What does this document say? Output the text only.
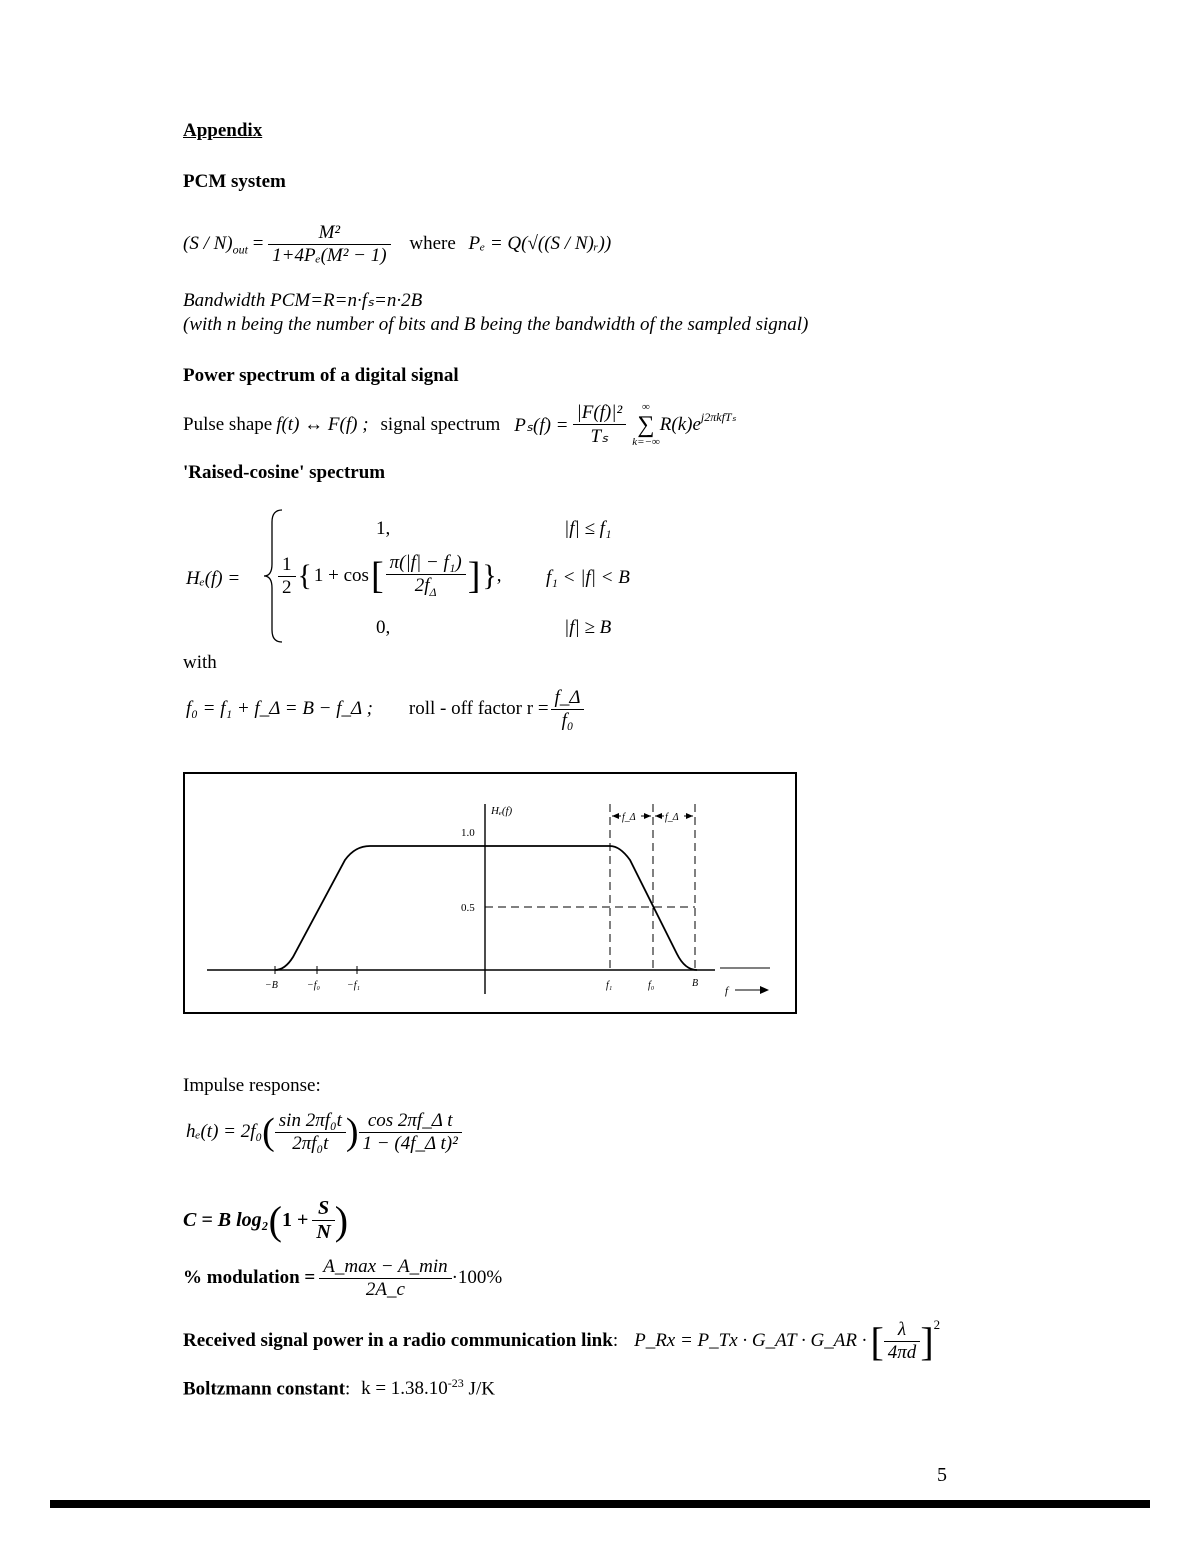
Appendix
PCM system
$(S / N)_{out} = \frac{\text{M²}}{\text{1+4Pₑ(M² − 1)}}$ where Pₑ = Q(√((S / N)ᵣ))
Bandwidth PCM=R=n·fₛ=n·2B
(with n being the number of bits and B being the bandwidth of the sampled signal)
Power spectrum of a digital signal
Pulse shape f(t) ↔ F(f) ; signal spectrum $P_s(f) = \frac{\text{|F(f)|²}}{\text{Tₛ}}$ ∞
∑
k=−∞
$R(k)e^{j2\pi kfT_s}$
'Raised-cosine' spectrum
Hₑ(f) =
1,	|f| ≤ f₁
$\frac{1}{2}$ { 1 + cos [ $\frac{\text{π(|f| − f₁)}}{2f_\Delta}$ ] } , f₁ < |f| < B
0,	|f| ≥ B
with
f₀ = f₁ + f_Δ = B − f_Δ ; roll - off factor $r = \frac{f\_\Delta}{\text{f₀}}$
f_Δ	f_Δ
Hₑ(f)
1.0
0.5
−B	−f₀	−f₁	f₁	f₀	B
f
Impulse response:
hₑ(t) = 2f₀ ( $\frac{\text{sin 2πf₀t}}{\text{2πf₀t}}$ ) $\frac{\text{cos 2πf\_Δ t}}{\text{1 − (4f\_Δ t)²}}$
C = B log₂ ( $1 + \frac{S}{N}$ )
% modulation = $\frac{A\_\max - A\_\min}{2A\_c} \cdot 100\%$
Received signal power in a radio communication link : P_Rx = P_Tx · G_AT · G_AR · [ $\frac{\lambda}{4\pi d} ]^2$
Boltzmann constant: $k = 1.38.10^{-23}$ J/K
5
